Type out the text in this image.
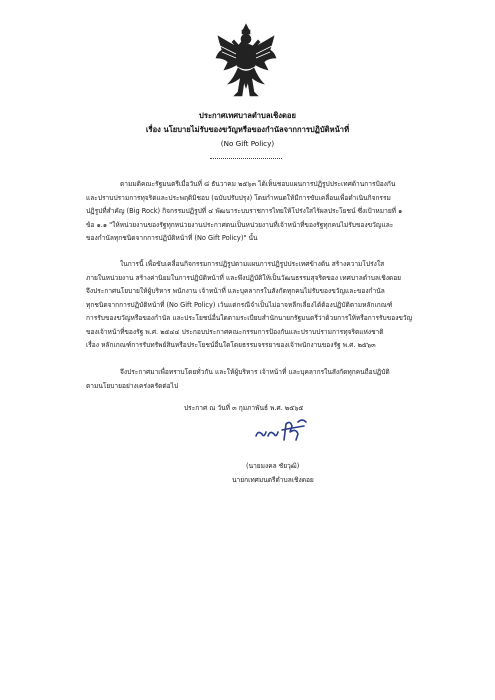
ประกาศเทศบาลตำบลเชิงดอย
เรื่อง นโยบายไม่รับของขวัญหรือของกำนัลจากการปฏิบัติหน้าที่
(No Gift Policy)
ตามมติคณะรัฐมนตรีเมื่อวันที่ ๘ ธันวาคม ๒๕๖๓ ได้เห็นชอบแผนการปฏิรูปประเทศด้านการป้องกัน
และปราบปรามการทุจริตและประพฤติมิชอบ (ฉบับปรับปรุง) โดยกำหนดให้มีการขับเคลื่อนเพื่อดำเนินกิจกรรม
ปฏิรูปที่สำคัญ (Big Rock) กิจกรรมปฏิรูปที่ ๔ พัฒนาระบบราชการไทยให้โปร่งใสไร้ผลประโยชน์ ซึ่งเป้าหมายที่ ๑
ข้อ ๑.๑ "ให้หน่วยงานของรัฐทุกหน่วยงานประกาศตนเป็นหน่วยงานที่เจ้าหน้าที่ของรัฐทุกคนไม่รับของขวัญและ
ของกำนัลทุกชนิดจากการปฏิบัติหน้าที่ (No Gift Policy)" นั้น
ในการนี้ เพื่อขับเคลื่อนกิจกรรมการปฏิรูปตามแผนการปฏิรูปประเทศข้างต้น สร้างความโปร่งใส
ภายในหน่วยงาน สร้างค่านิยมในการปฏิบัติหน้าที่ และพึงปฏิบัติให้เป็นวัฒนธรรมสุจริตของ เทศบาลตำบลเชิงดอย
จึงประกาศนโยบายให้ผู้บริหาร พนักงาน เจ้าหน้าที่ และบุคลากรในสังกัดทุกคนไม่รับของขวัญและของกำนัล
ทุกชนิดจากการปฏิบัติหน้าที่ (No Gift Policy) เว้นแต่กรณีจำเป็นไม่อาจหลีกเลี่ยงได้ต้องปฏิบัติตามหลักเกณฑ์
การรับของขวัญหรือของกำนัล และประโยชน์อื่นใดตามระเบียบสำนักนายกรัฐมนตรีว่าด้วยการให้หรือการรับของขวัญ
ของเจ้าหน้าที่ของรัฐ พ.ศ. ๒๕๔๔ ประกอบประกาศคณะกรรมการป้องกันและปราบปรามการทุจริตแห่งชาติ
เรื่อง หลักเกณฑ์การรับทรัพย์สินหรือประโยชน์อื่นใดโดยธรรมจรรยาของเจ้าพนักงานของรัฐ พ.ศ. ๒๕๖๓
จึงประกาศมาเพื่อทราบโดยทั่วกัน และให้ผู้บริหาร เจ้าหน้าที่ และบุคลากรในสังกัดทุกคนถือปฏิบัติ
ตามนโยบายอย่างเคร่งครัดต่อไป
ประกาศ ณ วันที่ ๓ กุมภาพันธ์ พ.ศ. ๒๕๖๕
(นายมงคล ชัยวุฒิ)
นายกเทศมนตรีตำบลเชิงดอย
